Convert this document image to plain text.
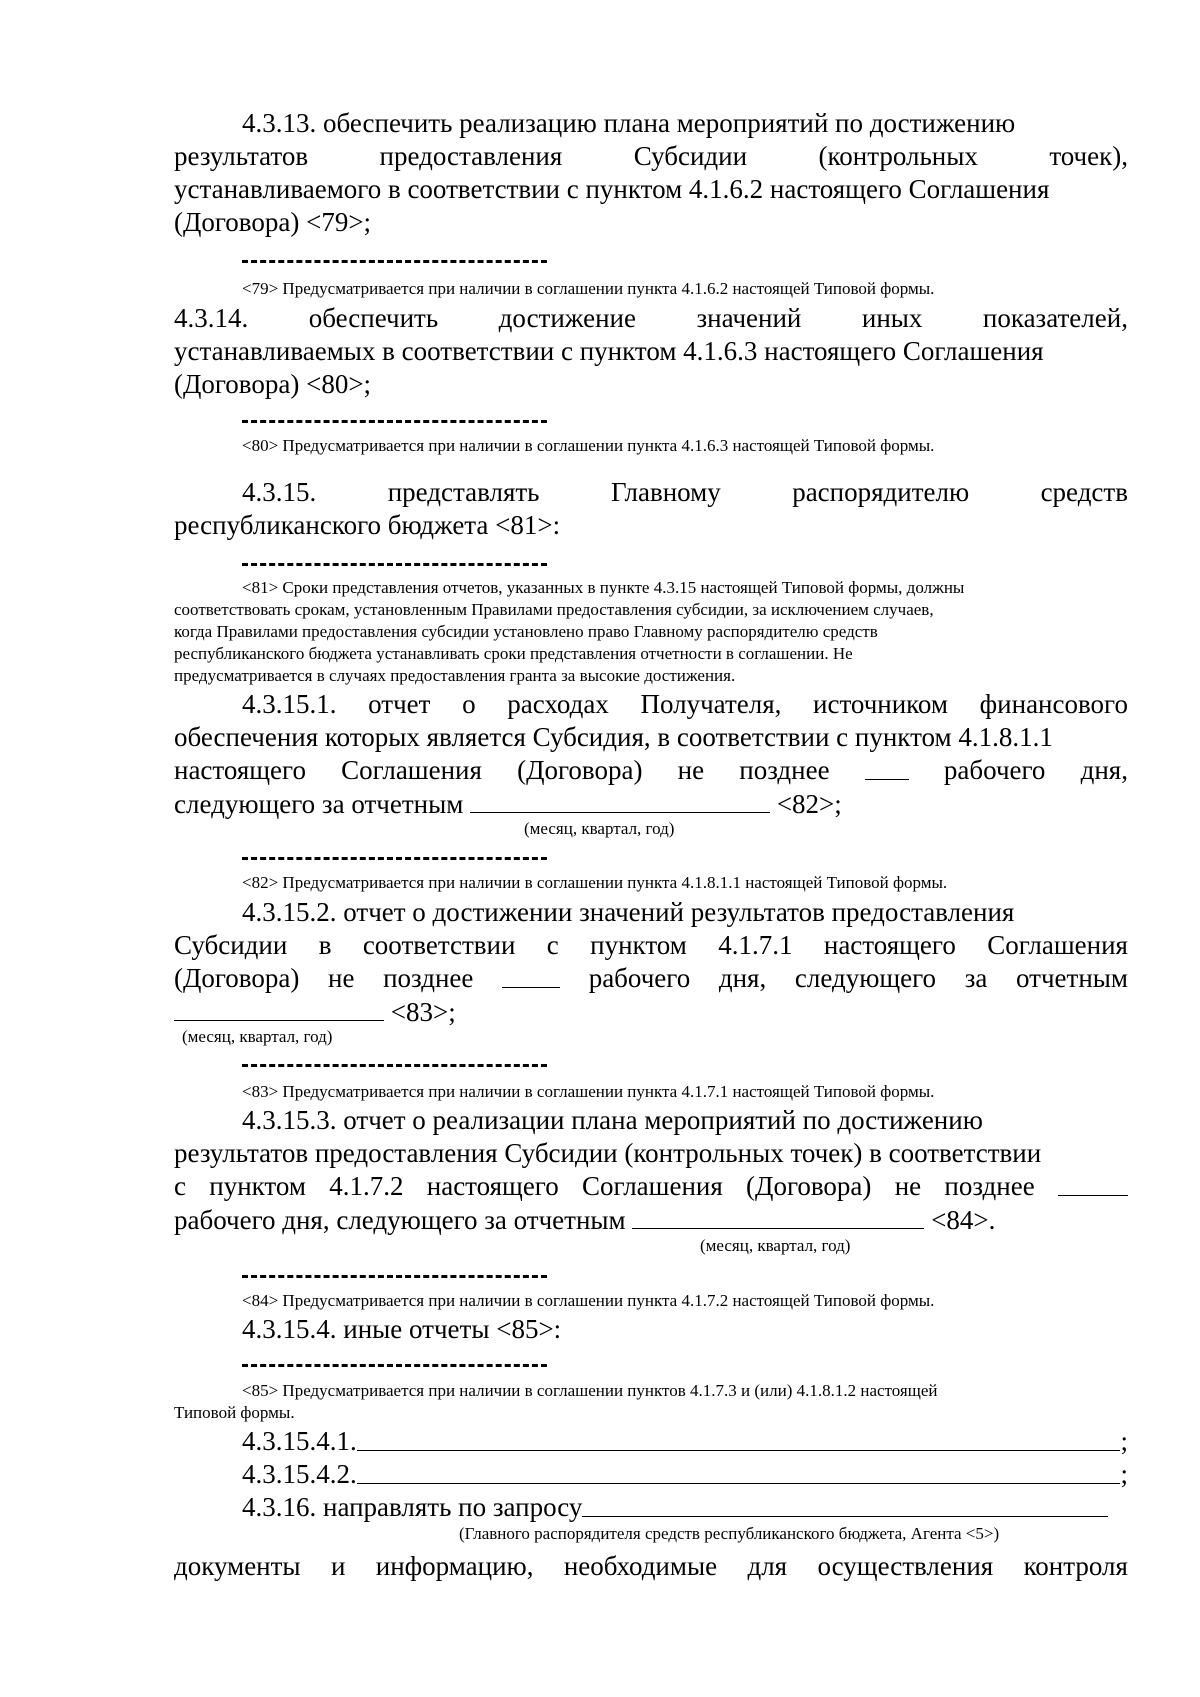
4.3.13. обеспечить реализацию плана мероприятий по достижению
результатов	предоставления	Субсидии	(контрольных	точек),
устанавливаемого в соответствии с пунктом 4.1.6.2 настоящего Соглашения
(Договора) <79>;
<79> Предусматривается при наличии в соглашении пункта 4.1.6.2 настоящей Типовой формы.
4.3.14. обеспечить достижение значений иных показателей,
устанавливаемых в соответствии с пунктом 4.1.6.3 настоящего Соглашения
(Договора) <80>;
<80> Предусматривается при наличии в соглашении пункта 4.1.6.3 настоящей Типовой формы.
4.3.15.	представлять	Главному	распорядителю	средств
республиканского бюджета <81>:
<81> Сроки представления отчетов, указанных в пункте 4.3.15 настоящей Типовой формы, должны
соответствовать срокам, установленным Правилами предоставления субсидии, за исключением случаев,
когда Правилами предоставления субсидии установлено право Главному распорядителю средств
республиканского бюджета устанавливать сроки представления отчетности в соглашении. Не
предусматривается в случаях предоставления гранта за высокие достижения.
4.3.15.1. отчет о расходах Получателя, источником финансового
обеспечения которых является Субсидия, в соответствии с пунктом 4.1.8.1.1
настоящего Соглашения (Договора) не позднее	рабочего дня,
следующего за отчетным	<82>;
(месяц, квартал, год)
<82> Предусматривается при наличии в соглашении пункта 4.1.8.1.1 настоящей Типовой формы.
4.3.15.2. отчет о достижении значений результатов предоставления
Субсидии в соответствии с пунктом 4.1.7.1 настоящего Соглашения
(Договора) не позднее	рабочего дня, следующего за отчетным
<83>;
(месяц, квартал, год)
<83> Предусматривается при наличии в соглашении пункта 4.1.7.1 настоящей Типовой формы.
4.3.15.3. отчет о реализации плана мероприятий по достижению
результатов предоставления Субсидии (контрольных точек) в соответствии
с пунктом 4.1.7.2 настоящего Соглашения (Договора) не позднее
рабочего дня, следующего за отчетным	<84>.
(месяц, квартал, год)
<84> Предусматривается при наличии в соглашении пункта 4.1.7.2 настоящей Типовой формы.
4.3.15.4. иные отчеты <85>:
<85> Предусматривается при наличии в соглашении пунктов 4.1.7.3 и (или) 4.1.8.1.2 настоящей
Типовой формы.
4.3.15.4.1.	;
4.3.15.4.2.	;
4.3.16. направлять по запросу
(Главного распорядителя средств республиканского бюджета, Агента <5>)
документы и информацию, необходимые для осуществления контроля
